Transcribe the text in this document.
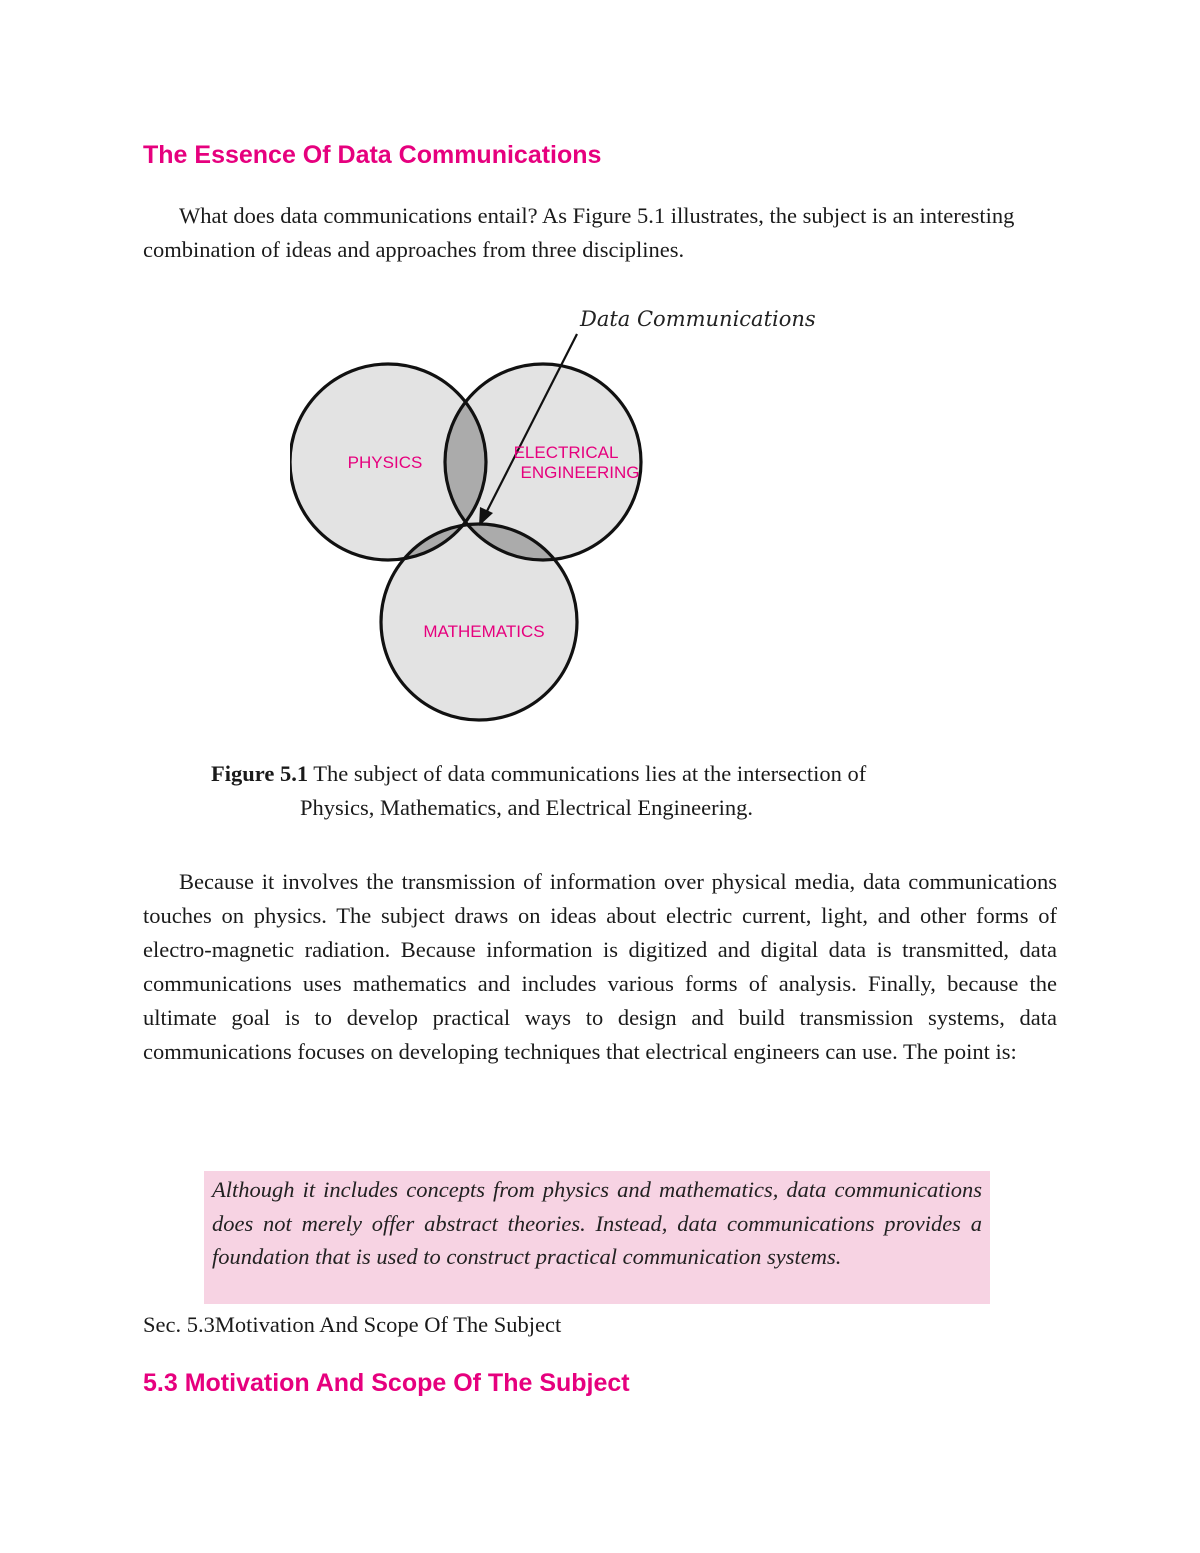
The Essence Of Data Communications

What does data communications entail? As Figure 5.1 illustrates, the subject is an interesting combination of ideas and approaches from three disciplines.

Data Communications
PHYSICS
ELECTRICAL
ENGINEERING
MATHEMATICS
Figure 5.1 The subject of data communications lies at the intersection of
Physics, Mathematics, and Electrical Engineering.

Because it involves the transmission of information over physical media, data communications touches on physics. The subject draws on ideas about electric current, light, and other forms of electro-magnetic radiation. Because information is digitized and digital data is transmitted, data communications uses mathematics and includes various forms of analysis. Finally, because the ultimate goal is to develop practical ways to design and build transmission systems, data communications focuses on developing techniques that electrical engineers can use. The point is:

Although it includes concepts from physics and mathematics, data communications does not merely offer abstract theories. Instead, data communications provides a foundation that is used to construct practical communication systems.

Sec. 5.3Motivation And Scope Of The Subject

5.3 Motivation And Scope Of The Subject
